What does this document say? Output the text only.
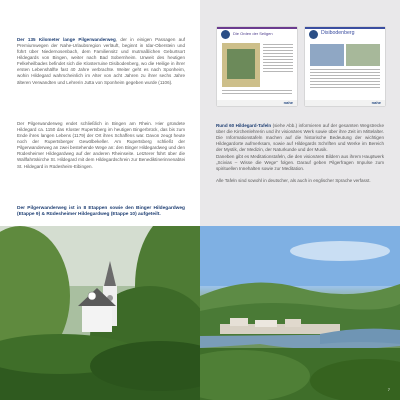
Der 135 Kilometer lange Pilgerwanderweg, der in einigen Passagen auf Premiumwegen der Nahe-Urlaubsregion verläuft, beginnt in Idar-Oberstein und führt über Niedernosenbach, dem Familiensitz und mutmaßlichen Geburtsort Hildegards von Bingen, weiter nach Bad Sobernheim. Unweit des heutigen Felkeheilbades befindet sich die Klosterruine Disibodenberg, wo die Heilige in ihrer ersten Lebenshälfte fast 40 Jahre verbrachte. Weiter geht es nach Sponheim, wohin Hildegard wahrscheinlich im Alter von acht Jahren zu ihrer sechs Jahre älteren Verwandten und Lehrerin Jutta von Sponheim gegeben wurde (1106).

Der Pilgerwanderweg endet schließlich in Bingen am Rhein. Hier gründete Hildegard ca. 1150 das Kloster Rupertsberg im heutigen Bingerbrück, das bis zum Ende ihres langen Lebens (1179) der Ort ihres Schaffens war. Davon zeugt heute noch der Rupertsberger Gewölbekeller. Am Rupertsberg schließt der Pilgerwanderweg an zwei bestehende Wege an: den Binger Hildegardweg und den Rüdesheimer Hildegardweg auf der anderen Rheinseite. Letzterer führt über die Wallfahrtskirche St. Hildegard mit dem Hildegardschrein zur Benediktinerinnenabtei St. Hildegard in Rüdesheim-Eibingen.

Der Pilgerwanderweg ist in 8 Etappen sowie den Binger Hildegardweg (Etappe 9) & Rüdesheimer Hildegardweg (Etappe 10) aufgeteilt.

Die Orden der Seligen
nahe
Disibodenberg
nahe

Rund 60 Hildegard-Tafeln (siehe Abb.) informieren auf der gesamten Wegstrecke über die Kirchenlehrerin und ihr visionäres Werk sowie über ihre Zeit im Mittelalter. Die Informationstafeln machen auf die historische Bedeutung der wichtigen Hildegardorte aufmerksam, sowie auf Hildegards Schriften und Werke im Bereich der Mystik, der Medizin, der Naturkunde und der Musik.

Daneben gibt es Meditationstafeln, die den visionären Bildern aus ihrem Hauptwerk „Scivias – Wisse die Wege“ folgen. Darauf geben Pilgerfragen Impulse zum spirituellen Innehalten sowie zur Meditation.

Alle Tafeln sind sowohl in deutscher, als auch in englischer Sprache verfasst.

7
